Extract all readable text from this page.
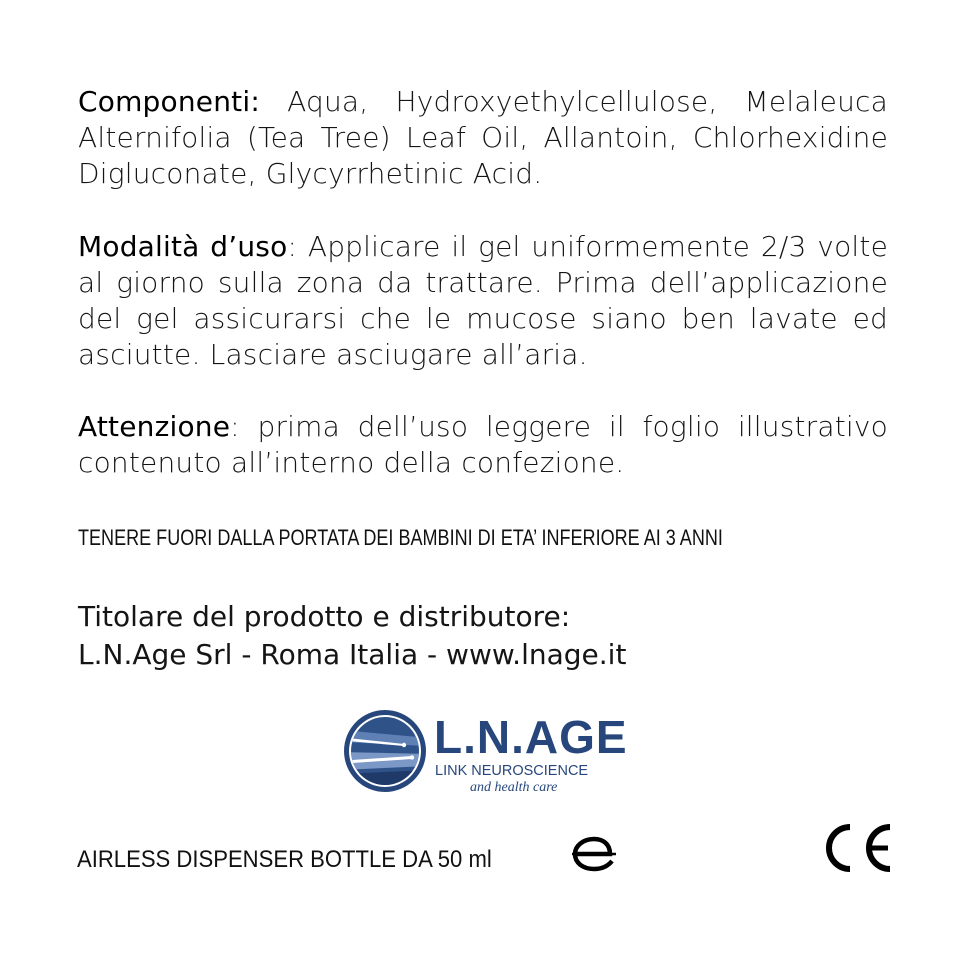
Componenti: Aqua, Hydroxyethylcellulose, Melaleuca Alternifolia (Tea Tree) Leaf Oil, Allantoin, Chlorhexidine Digluconate, Glycyrrhetinic Acid.
Modalità d’uso: Applicare il gel uniformemente 2/3 volte al giorno sulla zona da trattare. Prima dell’applicazione del gel assicurarsi che le mucose siano ben lavate ed asciutte. Lasciare asciugare all’aria.
Attenzione: prima dell’uso leggere il foglio illustrativo contenuto all’interno della confezione.
TENERE FUORI DALLA PORTATA DEI BAMBINI DI ETA’ INFERIORE AI 3 ANNI
Titolare del prodotto e distributore:
L.N.Age Srl - Roma Italia - www.lnage.it
L.N.AGE
LINK NEUROSCIENCE
and health care
AIRLESS DISPENSER BOTTLE DA 50 ml
